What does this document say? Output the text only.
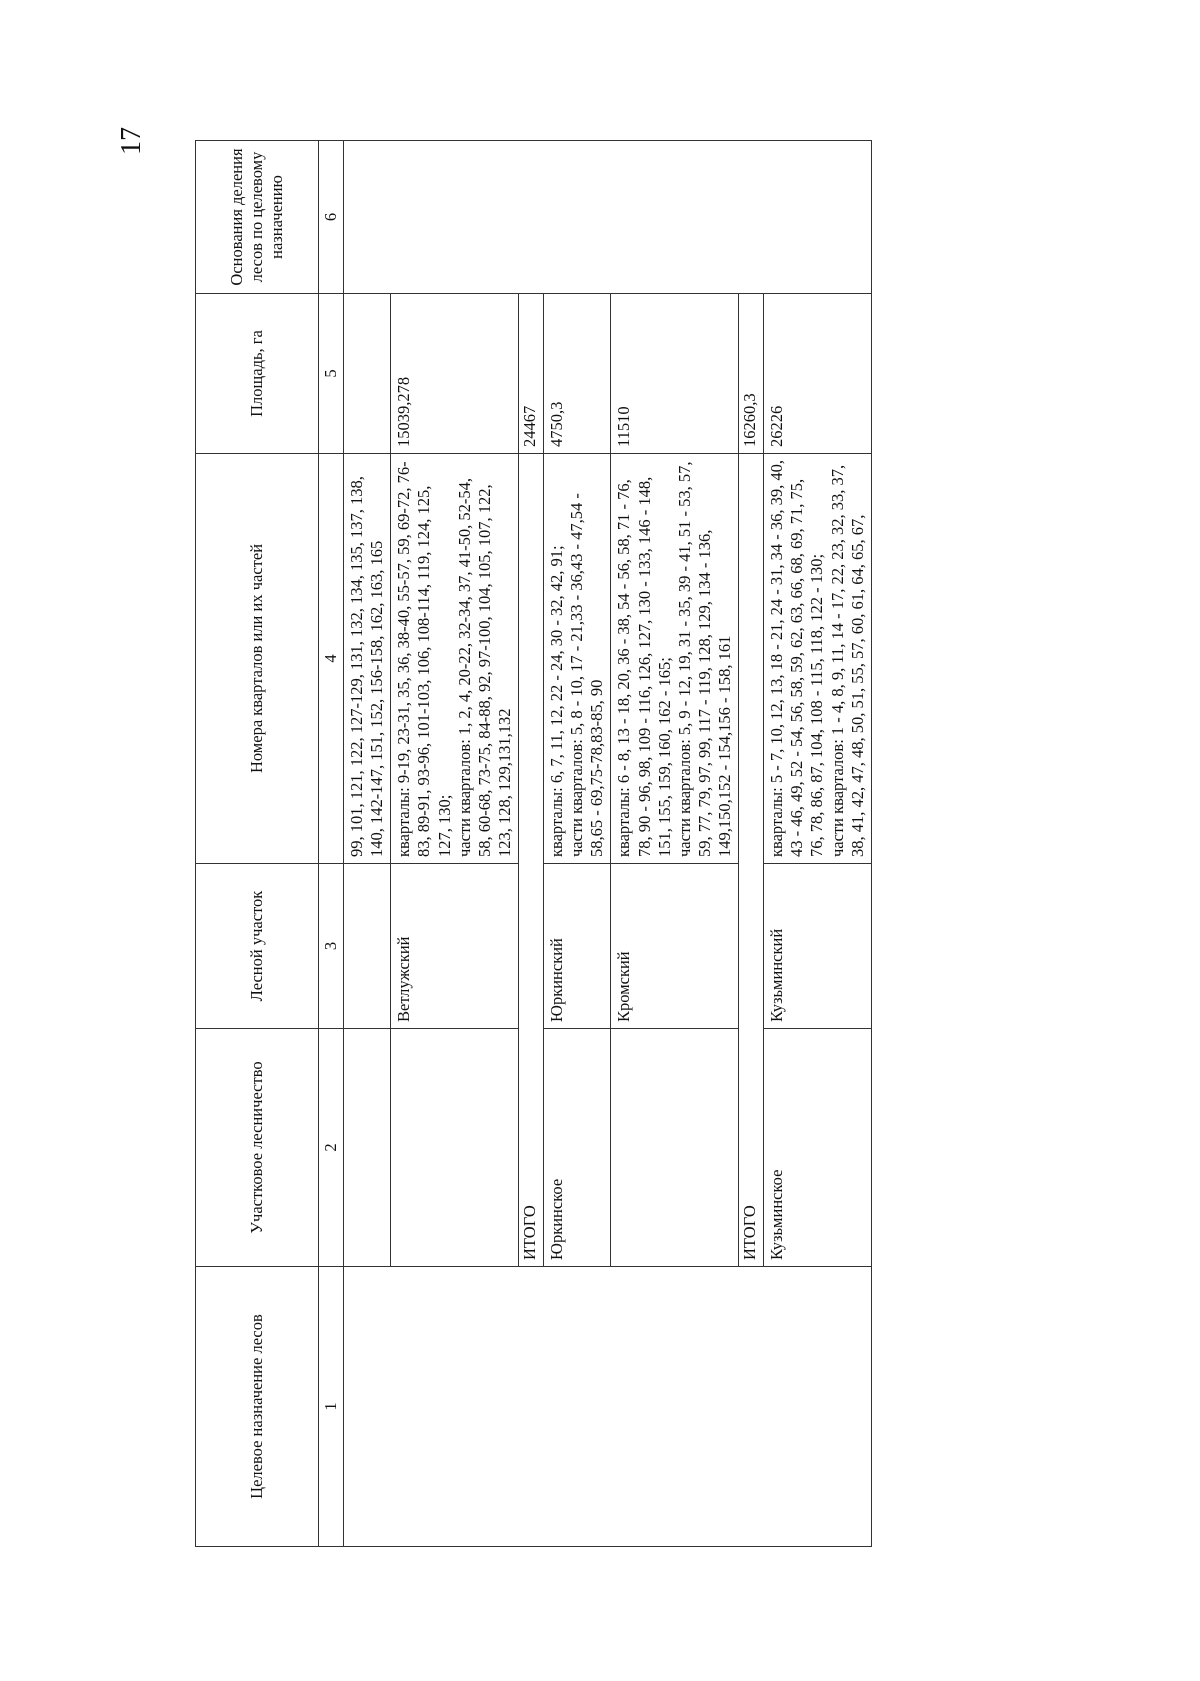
17
Целевое назначение лесов	Участковое лесничество	Лесной участок	Номера кварталов или их частей	Площадь, га	Основания деления лесов по целевому назначению
1	2	3	4	5	6
			99, 101, 121, 122, 127-129, 131, 132, 134, 135, 137, 138, 140, 142-147, 151, 152, 156-158, 162, 163, 165		
		Ветлужский	кварталы: 9-19, 23-31, 35, 36, 38-40, 55-57, 59, 69-72, 76-83, 89-91, 93-96, 101-103, 106, 108-114, 119, 124, 125, 127, 130; части кварталов: 1, 2, 4, 20-22, 32-34, 37, 41-50, 52-54, 58, 60-68, 73-75, 84-88, 92, 97-100, 104, 105, 107, 122, 123, 128, 129,131,132	15039,278	
	ИТОГО			24467	
	Юркинское	Юркинский	кварталы: 6, 7, 11, 12, 22 - 24, 30 - 32, 42, 91; части кварталов: 5, 8 - 10, 17 - 21,33 - 36,43 - 47,54 - 58,65 - 69,75-78,83-85, 90	4750,3	
		Кромский	кварталы: 6 - 8, 13 - 18, 20, 36 - 38, 54 - 56, 58, 71 - 76, 78, 90 - 96, 98, 109 - 116, 126, 127, 130 - 133, 146 - 148, 151, 155, 159, 160, 162 - 165; части кварталов: 5, 9 - 12, 19, 31 - 35, 39 - 41, 51 - 53, 57, 59, 77, 79, 97, 99, 117 - 119, 128, 129, 134 - 136, 149,150,152 - 154,156 - 158, 161	11510	
	ИТОГО			16260,3	
	Кузьминское	Кузьминский	кварталы: 5 - 7, 10, 12, 13, 18 - 21, 24 - 31, 34 - 36, 39, 40, 43 - 46, 49, 52 - 54, 56, 58, 59, 62, 63, 66, 68, 69, 71, 75, 76, 78, 86, 87, 104, 108 - 115, 118, 122 - 130; части кварталов: 1 - 4, 8, 9, 11, 14 - 17, 22, 23, 32, 33, 37, 38, 41, 42, 47, 48, 50, 51, 55, 57, 60, 61, 64, 65, 67,	26226	
